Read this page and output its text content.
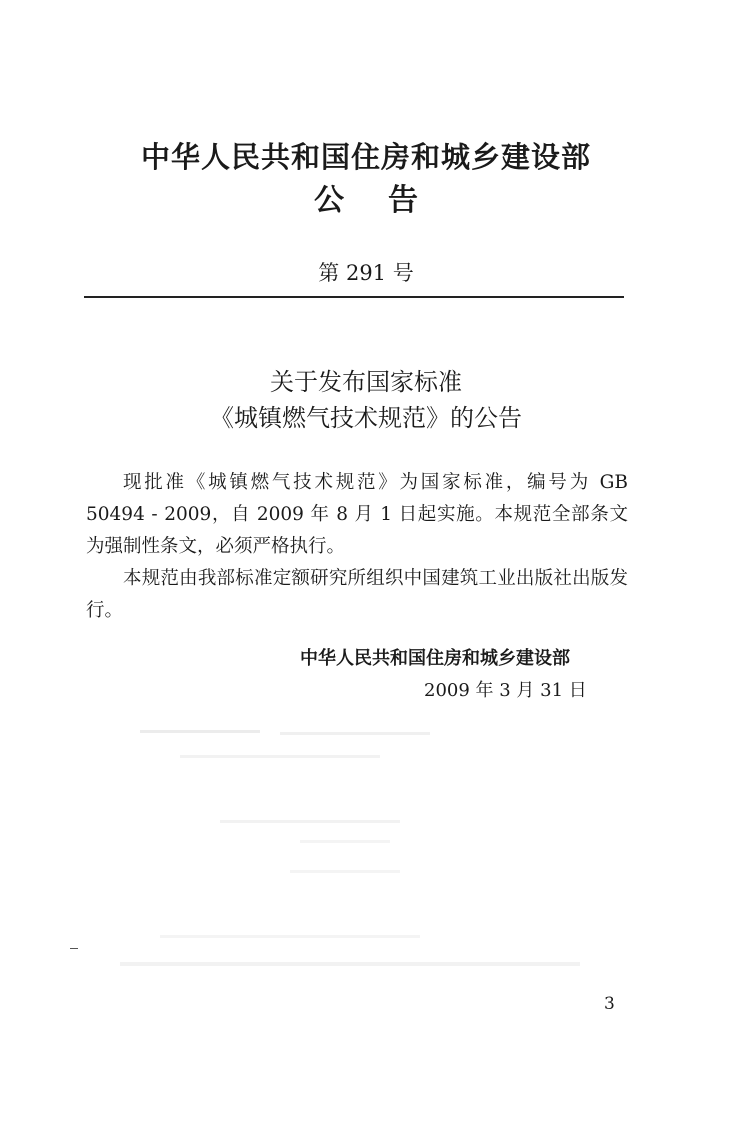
中华人民共和国住房和城乡建设部
公告
第 291 号
关于发布国家标准
《城镇燃气技术规范》的公告

现批准《城镇燃气技术规范》为国家标准，编号为 GB 50494 - 2009，自 2009 年 8 月 1 日起实施。本规范全部条文为强制性条文，必须严格执行。

本规范由我部标准定额研究所组织中国建筑工业出版社出版发行。

中华人民共和国住房和城乡建设部
2009 年 3 月 31 日
3
